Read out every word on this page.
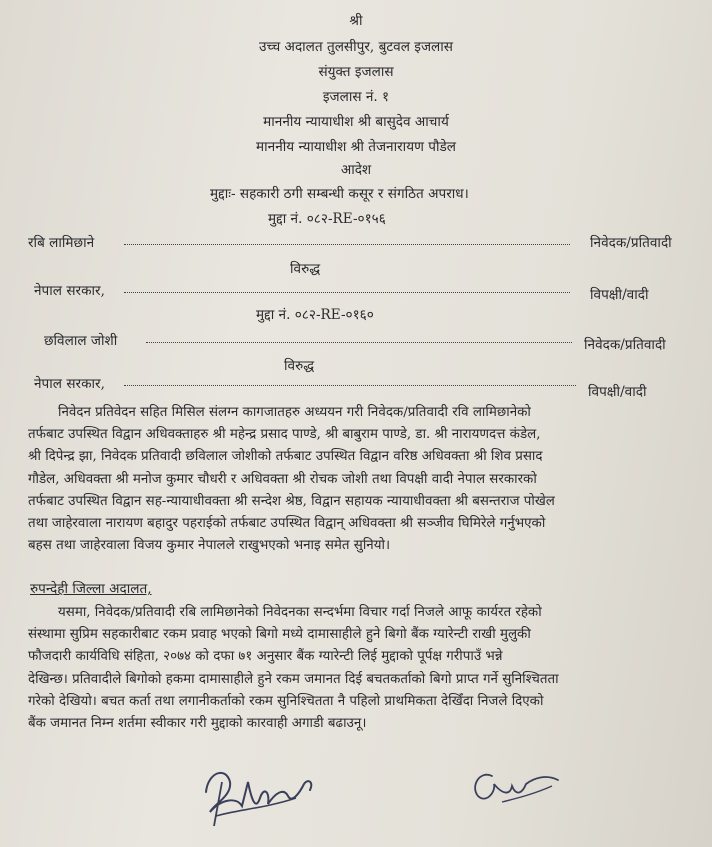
श्री
उच्च अदालत तुलसीपुर, बुटवल इजलास
संयुक्त इजलास
इजलास नं. १
माननीय न्यायाधीश श्री बासुदेव आचार्य
माननीय न्यायाधीश श्री तेजनारायण पौडेल
आदेश
मुद्दाः- सहकारी ठगी सम्बन्धी कसूर र संगठित अपराध।
मुद्दा नं. ०८२-RE-०१५६
रबि लामिछाने	निवेदक/प्रतिवादी
विरुद्ध
नेपाल सरकार,	विपक्षी/वादी
मुद्दा नं. ०८२-RE-०१६०
छविलाल जोशी	निवेदक/प्रतिवादी
विरुद्ध
नेपाल सरकार,	विपक्षी/वादी
निवेदन प्रतिवेदन सहित मिसिल संलग्न कागजातहरु अध्ययन गरी निवेदक/प्रतिवादी रवि लामिछानेको
तर्फबाट उपस्थित विद्वान अधिवक्ताहरु श्री महेन्द्र प्रसाद पाण्डे, श्री बाबुराम पाण्डे, डा. श्री नारायणदत्त कंडेल,
श्री दिपेन्द्र झा, निवेदक प्रतिवादी छविलाल जोशीको तर्फबाट उपस्थित विद्वान वरिष्ठ अधिवक्ता श्री शिव प्रसाद
गौडेल, अधिवक्ता श्री मनोज कुमार चौधरी र अधिवक्ता श्री रोचक जोशी तथा विपक्षी वादी नेपाल सरकारको
तर्फबाट उपस्थित विद्वान सह-न्यायाधीवक्ता श्री सन्देश श्रेष्ठ, विद्वान सहायक न्यायाधीवक्ता श्री बसन्तराज पोखेल
तथा जाहेरवाला नारायण बहादुर पहराईको तर्फबाट उपस्थित विद्वान् अधिवक्ता श्री सञ्जीव घिमिरेले गर्नुभएको
बहस तथा जाहेरवाला विजय कुमार नेपालले राखुभएको भनाइ समेत सुनियो।
रुपन्देही जिल्ला अदालत,
यसमा, निवेदक/प्रतिवादी रबि लामिछानेको निवेदनका सन्दर्भमा विचार गर्दा निजले आफू कार्यरत रहेको
संस्थामा सुप्रिम सहकारीबाट रकम प्रवाह भएको बिगो मध्ये दामासाहीले हुने बिगो बैंक ग्यारेन्टी राखी मुलुकी
फौजदारी कार्यविधि संहिता, २०७४ को दफा ७१ अनुसार बैंक ग्यारेन्टी लिई मुद्दाको पूर्पक्ष गरीपाउँ भन्ने
देखिन्छ। प्रतिवादीले बिगोको हकमा दामासाहीले हुने रकम जमानत दिई बचतकर्ताको बिगो प्राप्त गर्ने सुनिश्चितता
गरेको देखियो। बचत कर्ता तथा लगानीकर्ताको रकम सुनिश्चितता नै पहिलो प्राथमिकता देखिँदा निजले दिएको
बैंक जमानत निम्न शर्तमा स्वीकार गरी मुद्दाको कारवाही अगाडी बढाउनू।
